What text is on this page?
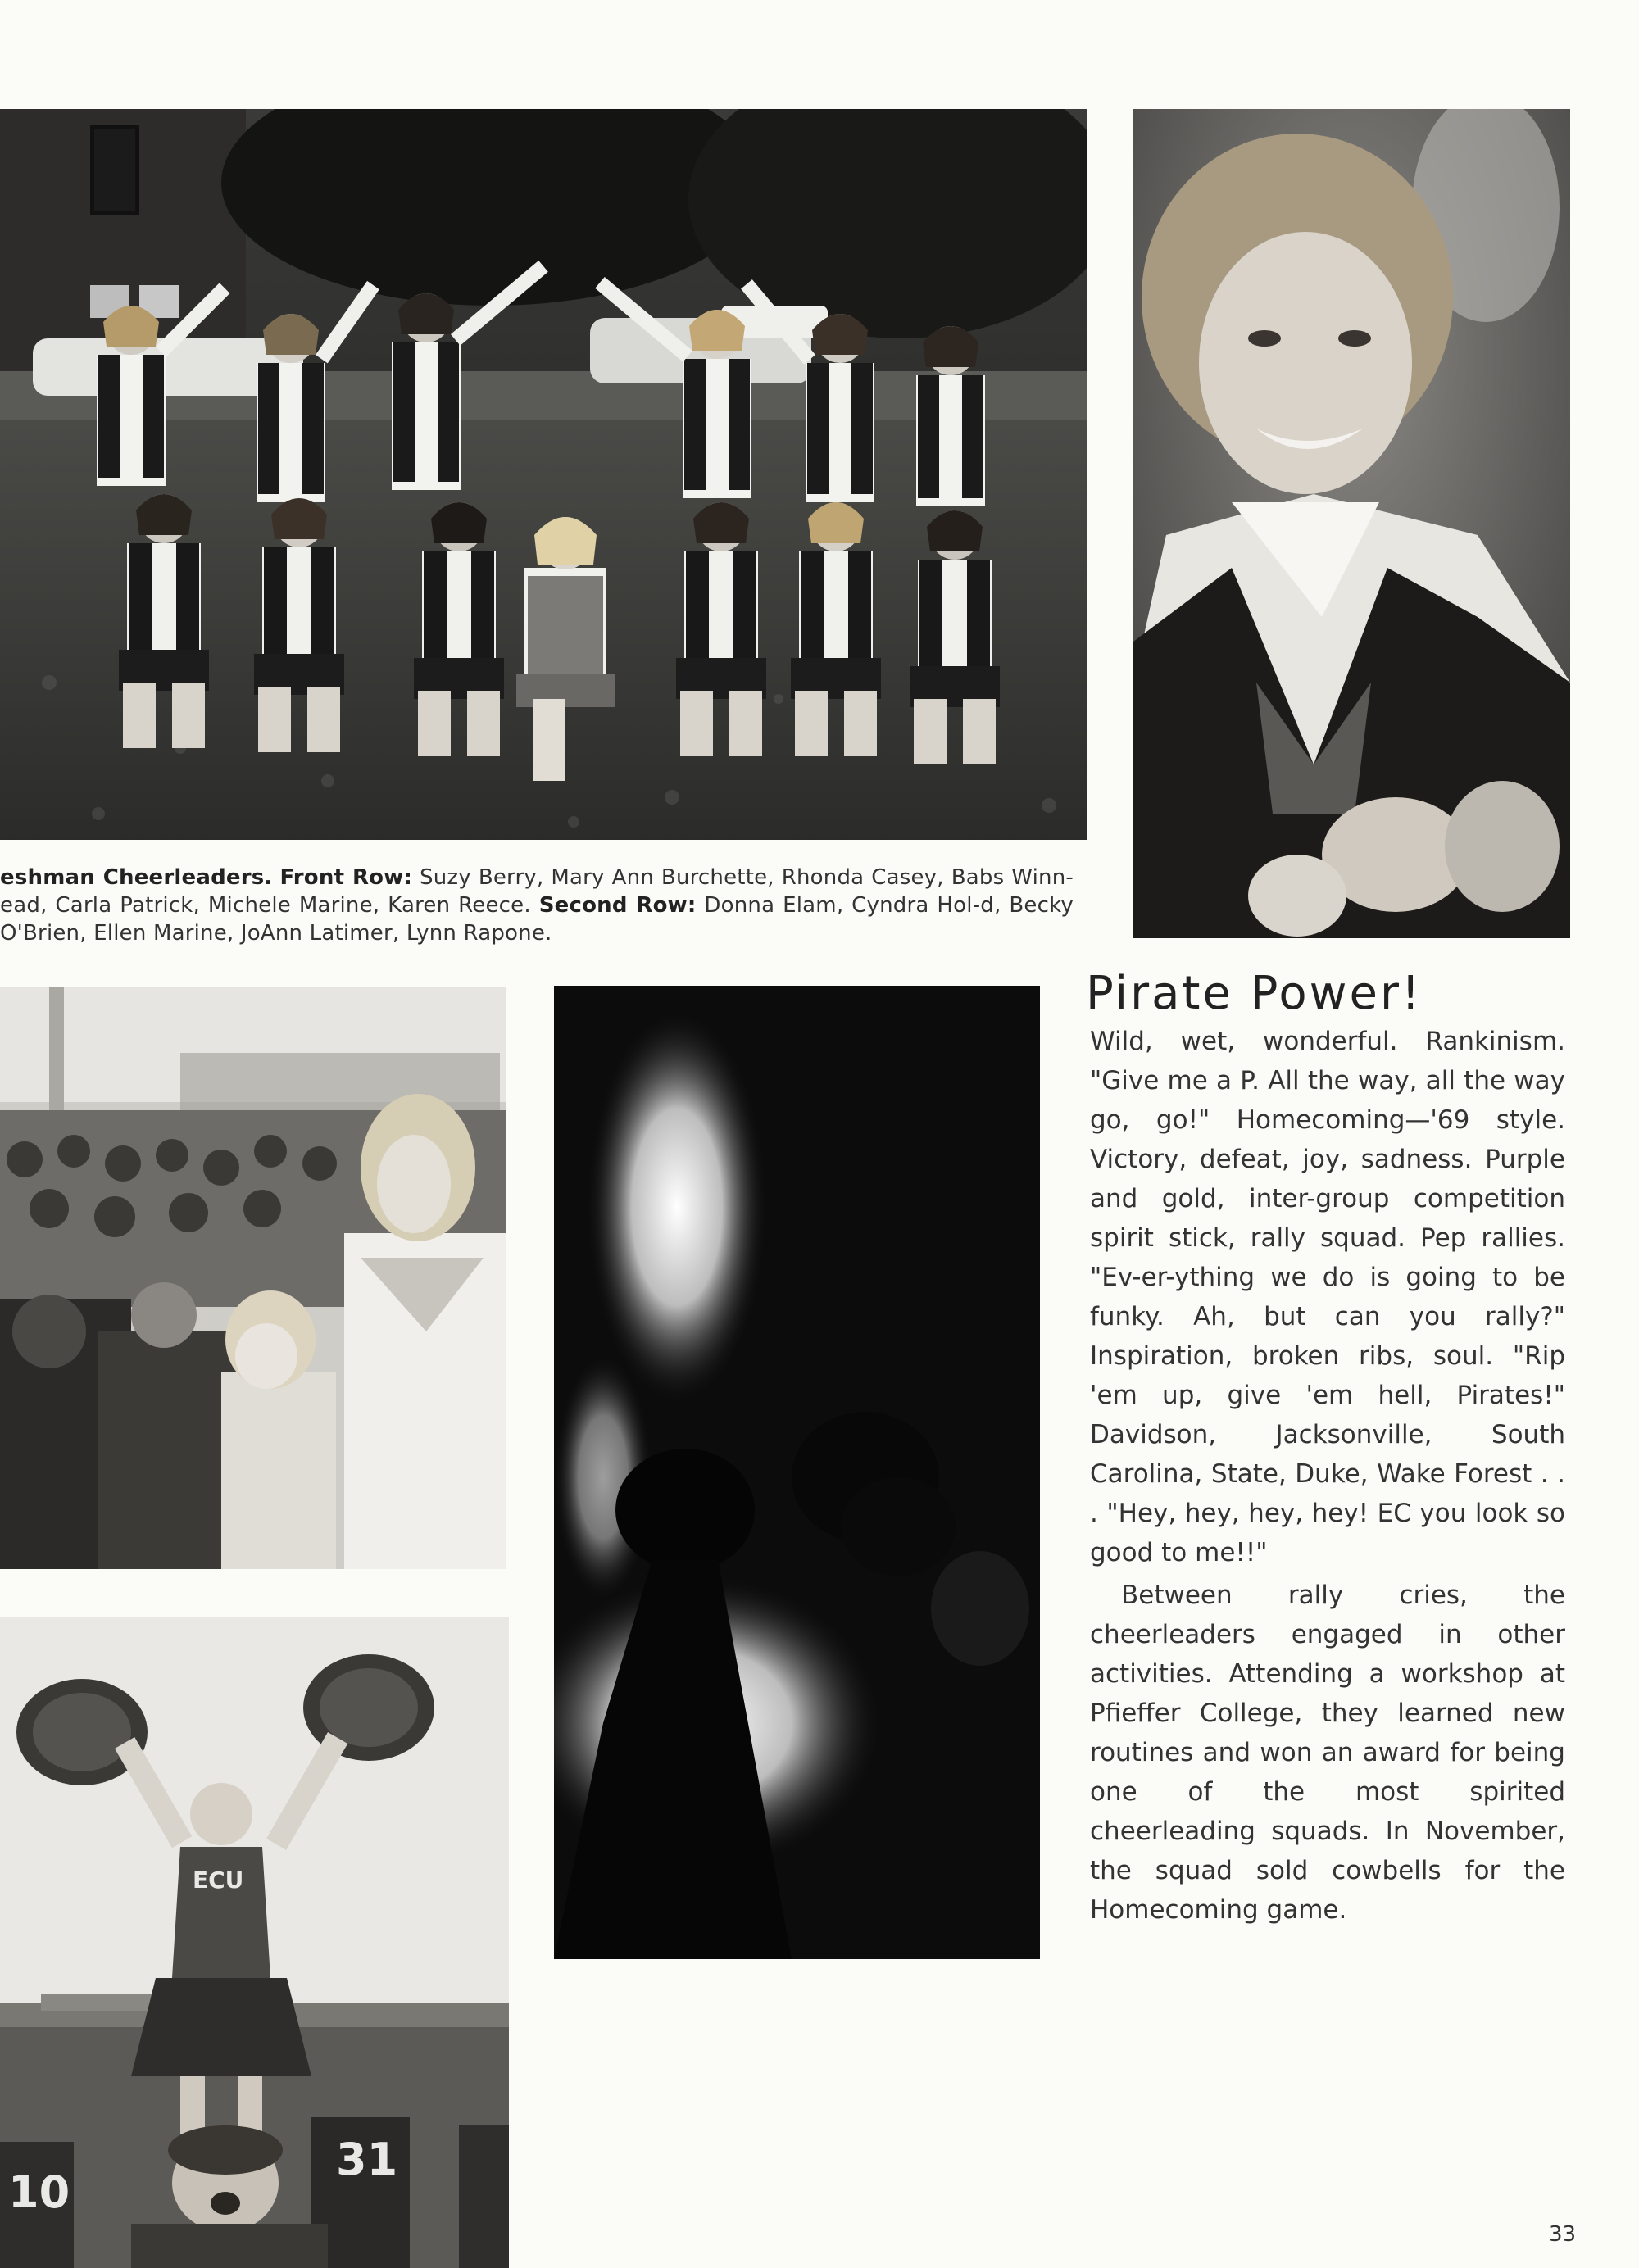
10
31
ECU

eshman Cheerleaders. Front Row: Suzy Berry, Mary Ann Burchette, Rhonda Casey, Babs Winn-ead, Carla Patrick, Michele Marine, Karen Reece. Second Row: Donna Elam, Cyndra Hol-d, Becky O'Brien, Ellen Marine, JoAnn Latimer, Lynn Rapone.

Pirate Power!

Wild, wet, wonderful. Rankinism. "Give me a P. All the way, all the way go, go!" Homecoming—'69 style. Victory, defeat, joy, sadness. Purple and gold, inter-group competition spirit stick, rally squad. Pep rallies. "Ev-er-ything we do is going to be funky. Ah, but can you rally?" Inspiration, broken ribs, soul. "Rip 'em up, give 'em hell, Pirates!" Davidson, Jacksonville, South Carolina, State, Duke, Wake Forest . . . "Hey, hey, hey, hey! EC you look so good to me!!"

Between rally cries, the cheerleaders engaged in other activities. Attending a workshop at Pfieffer College, they learned new routines and won an award for being one of the most spirited cheerleading squads. In November, the squad sold cowbells for the Homecoming game.

33
